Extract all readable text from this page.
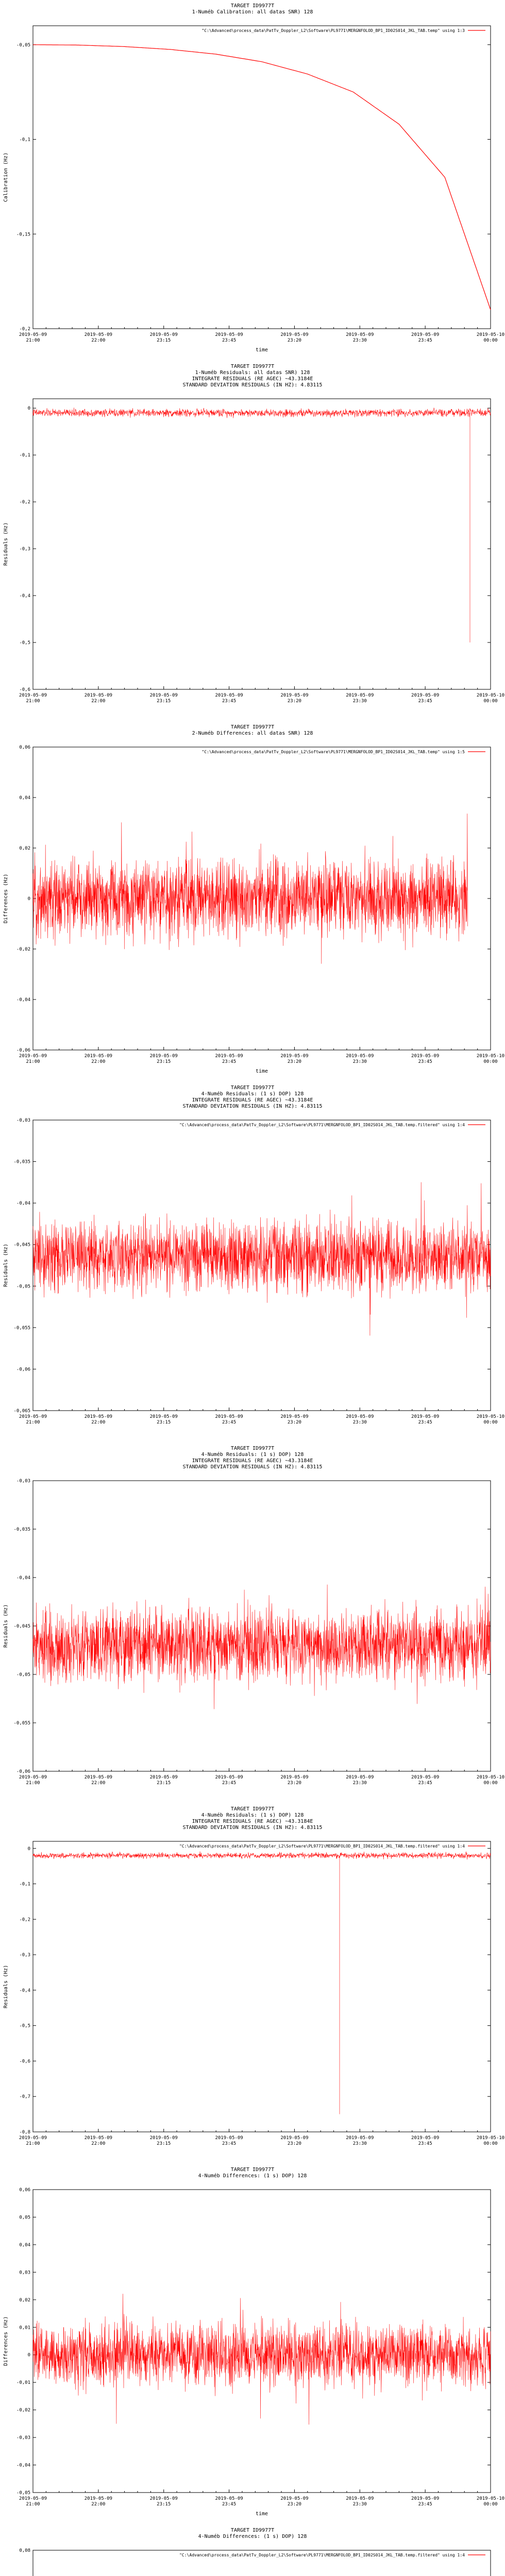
TARGET ID9977T
1-Numéb Calibration: all datas SNR) 128
-0,05
-0,1
-0,15
-0,2
2019-05-09 21:00
2019-05-09 22:00
2019-05-09 23:15
2019-05-09 23:45
2019-05-09 23:20
2019-05-09 23:30
2019-05-09 23:45
2019-05-10 00:00
Calibration (Hz)
time
"C:\Advanced\process_data\PatTv_Doppler_L2\Software\PL9771\MERGNFOLOD_BP1_ID02S014_JKL_TAB.temp" using 1:3
TARGET ID9977T
1-Numéb Residuals: all datas SNR) 128
INTEGRATE RESIDUALS (RE AGEC) ~43.3184E
STANDARD DEVIATION RESIDUALS (IN HZ): 4.83115
0
-0,1
-0,2
-0,3
-0,4
-0,5
-0,6
2019-05-09 21:00
2019-05-09 22:00
2019-05-09 23:15
2019-05-09 23:45
2019-05-09 23:20
2019-05-09 23:30
2019-05-09 23:45
2019-05-10 00:00
Residuals (Hz)
TARGET ID9977T
2-Numéb Differences: all datas SNR) 128
0,06
0,04
0,02
0
-0,02
-0,04
-0,06
2019-05-09 21:00
2019-05-09 22:00
2019-05-09 23:15
2019-05-09 23:45
2019-05-09 23:20
2019-05-09 23:30
2019-05-09 23:45
2019-05-10 00:00
Differences (Hz)
time
"C:\Advanced\process_data\PatTv_Doppler_L2\Software\PL9771\MERGNFOLOD_BP1_ID02S014_JKL_TAB.temp" using 1:5
TARGET ID9977T
4-Numéb Residuals: (1 s) DOP) 128
INTEGRATE RESIDUALS (RE AGEC) ~43.3184E
STANDARD DEVIATION RESIDUALS (IN HZ): 4.83115
-0,03
-0,035
-0,04
-0,045
-0,05
-0,055
-0,06
-0,065
2019-05-09 21:00
2019-05-09 22:00
2019-05-09 23:15
2019-05-09 23:45
2019-05-09 23:20
2019-05-09 23:30
2019-05-09 23:45
2019-05-10 00:00
Residuals (Hz)
"C:\Advanced\process_data\PatTv_Doppler_L2\Software\PL9771\MERGNFOLOD_BP1_ID02S014_JKL_TAB.temp.filtered" using 1:4
TARGET ID9977T
4-Numéb Residuals: (1 s) DOP) 128
INTEGRATE RESIDUALS (RE AGEC) ~43.3184E
STANDARD DEVIATION RESIDUALS (IN HZ): 4.83115
-0,03
-0,035
-0,04
-0,045
-0,05
-0,055
-0,06
2019-05-09 21:00
2019-05-09 22:00
2019-05-09 23:15
2019-05-09 23:45
2019-05-09 23:20
2019-05-09 23:30
2019-05-09 23:45
2019-05-10 00:00
Residuals (Hz)
TARGET ID9977T
4-Numéb Residuals: (1 s) DOP) 128
INTEGRATE RESIDUALS (RE AGEC) ~43.3184E
STANDARD DEVIATION RESIDUALS (IN HZ): 4.83115
0
-0,1
-0,2
-0,3
-0,4
-0,5
-0,6
-0,7
-0,8
2019-05-09 21:00
2019-05-09 22:00
2019-05-09 23:15
2019-05-09 23:45
2019-05-09 23:20
2019-05-09 23:30
2019-05-09 23:45
2019-05-10 00:00
Residuals (Hz)
"C:\Advanced\process_data\PatTv_Doppler_L2\Software\PL9771\MERGNFOLOD_BP1_ID02S014_JKL_TAB.temp.filtered" using 1:4
TARGET ID9977T
4-Numéb Differences: (1 s) DOP) 128
0,06
0,05
0,04
0,03
0,02
0,01
0
-0,01
-0,02
-0,03
-0,04
-0,05
2019-05-09 21:00
2019-05-09 22:00
2019-05-09 23:15
2019-05-09 23:45
2019-05-09 23:20
2019-05-09 23:30
2019-05-09 23:45
2019-05-10 00:00
Differences (Hz)
time
TARGET ID9977T
4-Numéb Differences: (1 s) DOP) 128
0,08
"C:\Advanced\process_data\PatTv_Doppler_L2\Software\PL9771\MERGNFOLOD_BP1_ID02S014_JKL_TAB.temp.filtered" using 1:4
